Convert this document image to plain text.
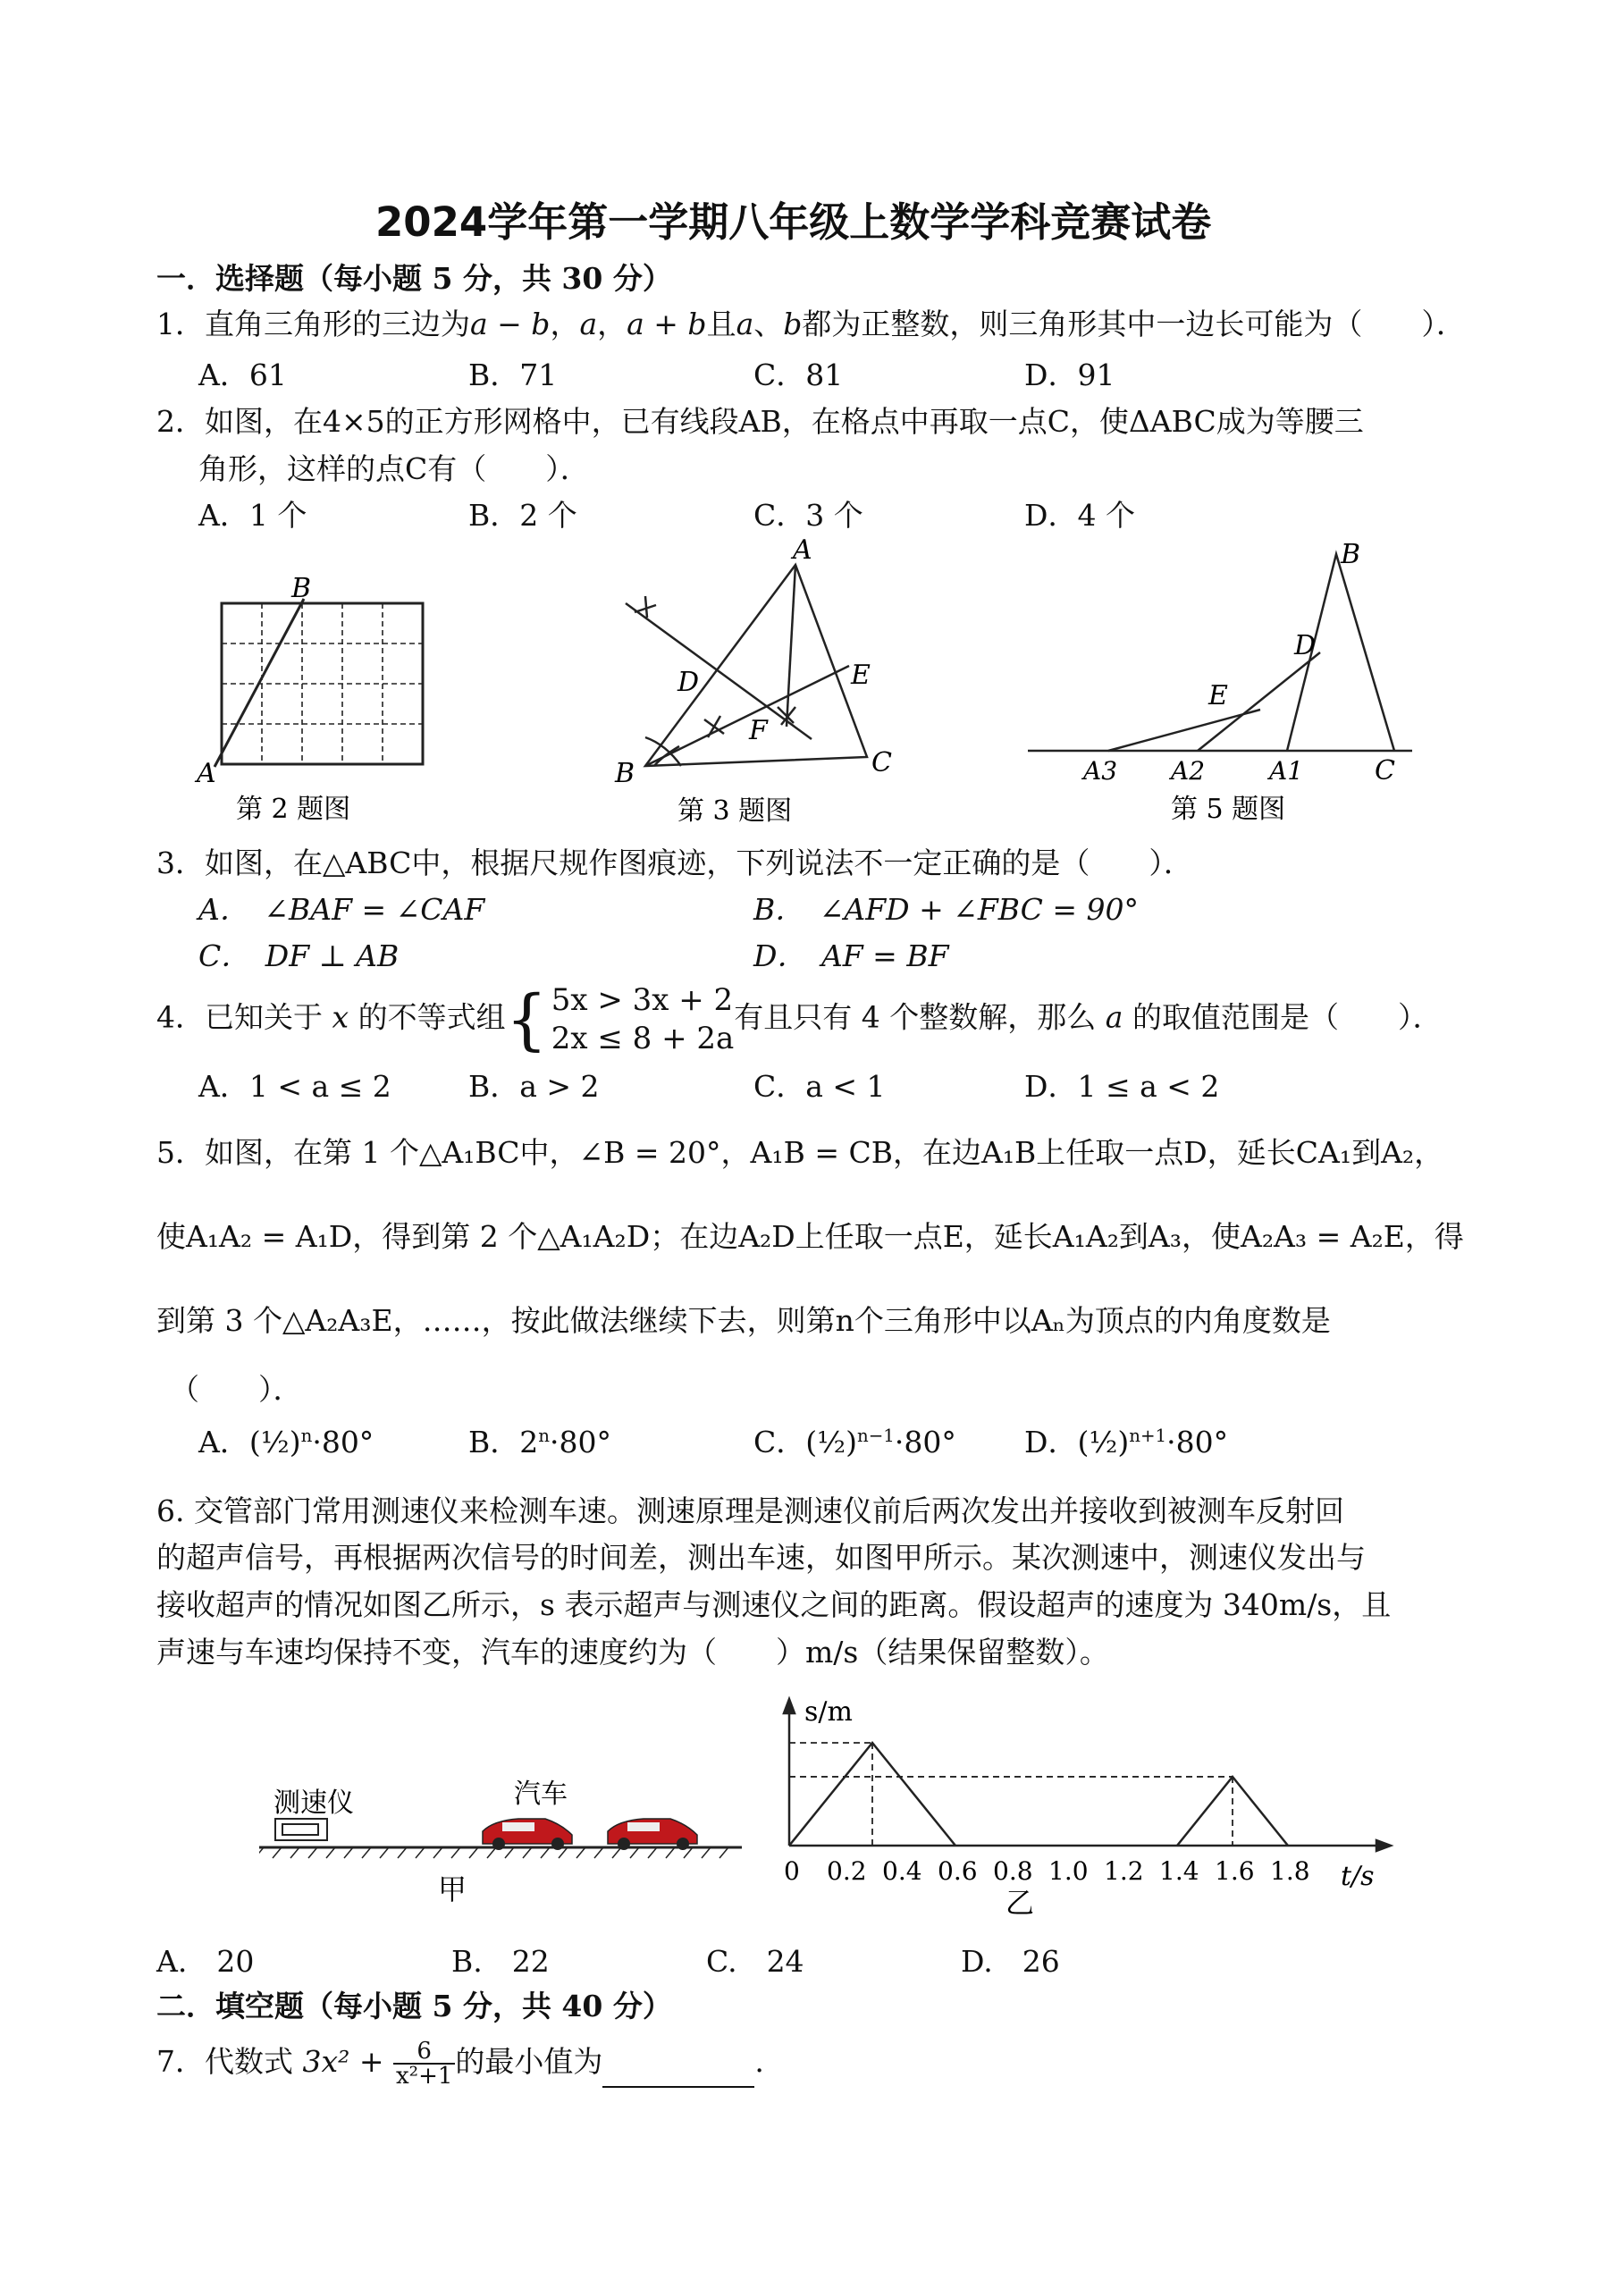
2024学年第一学期八年级上数学学科竞赛试卷
一．选择题（每小题 5 分，共 30 分）
1．直角三角形的三边为a − b，a，a + b且a、b都为正整数，则三角形其中一边长可能为（　　）．
A．61	B．71	C．81	D．91
2．如图，在4×5的正方形网格中，已有线段AB，在格点中再取一点C，使ΔABC成为等腰三
角形，这样的点C有（　　）．
A．1 个	B．2 个	C．3 个	D．4 个
B
A
第 2 题图
A
B	C
D	E
F
第 3 题图
B
D
E
A3 A2	A1	C
第 5 题图
3．如图，在△ABC中，根据尺规作图痕迹，下列说法不一定正确的是（　　）．
A．　∠BAF = ∠CAF	B．　∠AFD + ∠FBC = 90°
C．　DF ⊥ AB	D．　AF = BF
4．已知关于 x 的不等式组{ 5x > 3x + 2
2x ≤ 8 + 2a
有且只有 4 个整数解，那么 a 的取值范围是（　　）．
A．1 < a ≤ 2	B．a > 2	C．a < 1	D．1 ≤ a < 2
5．如图，在第 1 个△A₁BC中，∠B = 20°，A₁B = CB，在边A₁B上任取一点D，延长CA₁到A₂，
使A₁A₂ = A₁D，得到第 2 个△A₁A₂D；在边A₂D上任取一点E，延长A₁A₂到A₃，使A₂A₃ = A₂E，得
到第 3 个△A₂A₃E，……，按此做法继续下去，则第n个三角形中以Aₙ为顶点的内角度数是
（　　）．
A．(½)$^n$·80°	B．$2^n\cdot 80^\circ$	C．(½)$^{n-1}$·80° D．(½)$^{n+1}$·80°
6. 交管部门常用测速仪来检测车速。测速原理是测速仪前后两次发出并接收到被测车反射回
的超声信号，再根据两次信号的时间差，测出车速，如图甲所示。某次测速中，测速仪发出与
接收超声的情况如图乙所示，s 表示超声与测速仪之间的距离。假设超声的速度为 340m/s，且
声速与车速均保持不变，汽车的速度约为（　　）m/s（结果保留整数）。
测速仪	汽车
甲
0 0.2 0.4 0.6 0.8 1.0 1.2 1.4 1.6 1.8
s/m
t/s
乙
A.　20	B.　22	C.　24	D.　26
二．填空题（每小题 5 分，共 40 分）
7．代数式 $3x^2 + \frac{6}{\text{x²+1}}$ 的最小值为	.
